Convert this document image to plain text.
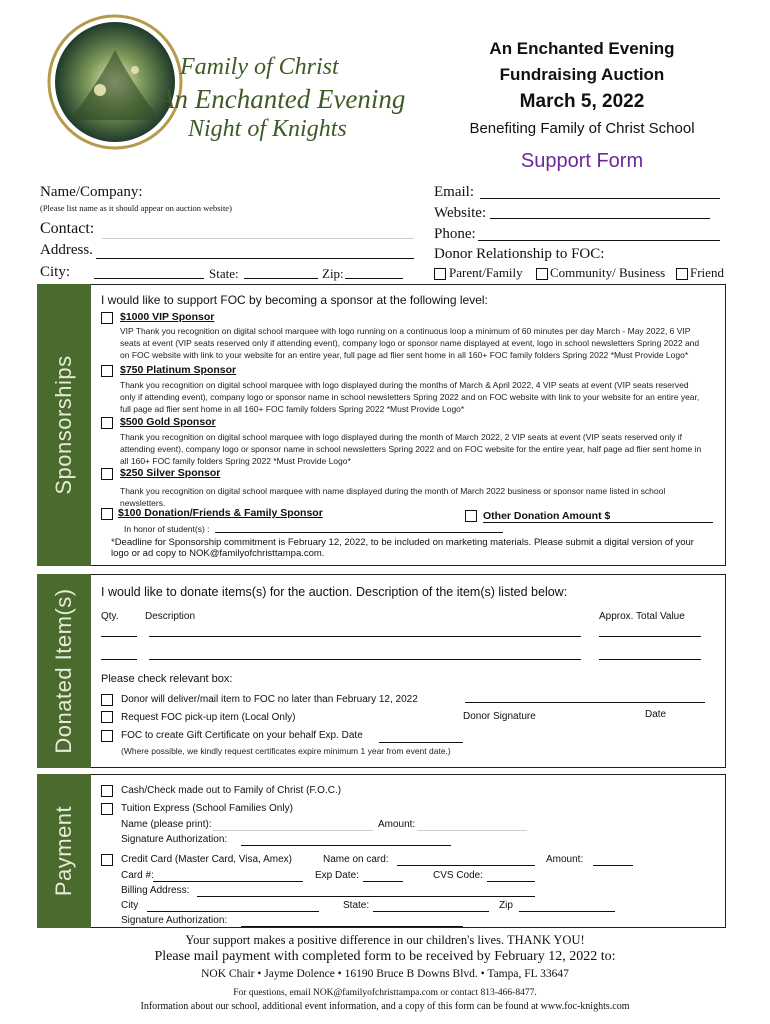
Family of Christ
An Enchanted Evening
Night of Knights
An Enchanted Evening
Fundraising Auction
March 5, 2022
Benefiting Family of Christ School
Support Form
Name/Company:
(Please list name as it should appear on auction website)
Contact:
Address.
City:	State:	Zip:
Email:
Website:
Phone:
Donor Relationship to FOC:
Parent/Family Community/ Business Friend
Sponsorships
I would like to support FOC by becoming a sponsor at the following level:
$1000 VIP Sponsor
VIP Thank you recognition on digital school marquee with logo running on a continuous loop a minimum of 60 minutes per day March - May 2022, 6 VIP seats at event (VIP seats reserved only if attending event), company logo or sponsor name displayed at event, logo in school newsletters Spring 2022 and on FOC website with link to your website for an entire year, full page ad flier sent home in all 160+ FOC family folders Spring 2022 *Must Provide Logo*
$750 Platinum Sponsor
Thank you recognition on digital school marquee with logo displayed during the months of March & April 2022, 4 VIP seats at event (VIP seats reserved only if attending event), company logo or sponsor name in school newsletters Spring 2022 and on FOC website with link to your website for an entire year, full page ad flier sent home in all 160+ FOC family folders Spring 2022 *Must Provide Logo*
$500 Gold Sponsor
Thank you recognition on digital school marquee with logo displayed during the month of March 2022, 2 VIP seats at event (VIP seats reserved only if attending event), company logo or sponsor name in school newsletters Spring 2022 and on FOC website for the entire year, half page ad flier sent home in all 160+ FOC family folders Spring 2022 *Must Provide Logo*
$250 Silver Sponsor
Thank you recognition on digital school marquee with name displayed during the month of March 2022 business or sponsor name listed in school newsletters.
$100 Donation/Friends & Family Sponsor
In honor of student(s) :
Other Donation Amount $
*Deadline for Sponsorship commitment is February 12, 2022, to be included on marketing materials. Please submit a digital version of your logo or ad copy to NOK@familyofchristtampa.com.
Donated Item(s) I would like to donate items(s) for the auction. Description of the item(s) listed below:
Qty.	Description	Approx. Total Value
Please check relevant box:
Donor will deliver/mail item to FOC no later than February 12, 2022
Request FOC pick-up item (Local Only)
FOC to create Gift Certificate on your behalf Exp. Date
(Where possible, we kindly request certificates expire minimum 1 year from event date.)
Donor Signature	Date
Payment
Cash/Check made out to Family of Christ (F.O.C.)
Tuition Express (School Families Only)
Name (please print):	Amount:
Signature Authorization:
Credit Card (Master Card, Visa, Amex)	Name on card:	Amount:
Card #:	Exp Date:	CVS Code:
Billing Address:
City	State:	Zip
Signature Authorization:
Your support makes a positive difference in our children's lives. THANK YOU!
Please mail payment with completed form to be received by February 12, 2022 to:
NOK Chair • Jayme Dolence • 16190 Bruce B Downs Blvd. • Tampa, FL 33647
For questions, email NOK@familyofchristtampa.com or contact 813-466-8477.
Information about our school, additional event information, and a copy of this form can be found at www.foc-knights.com
